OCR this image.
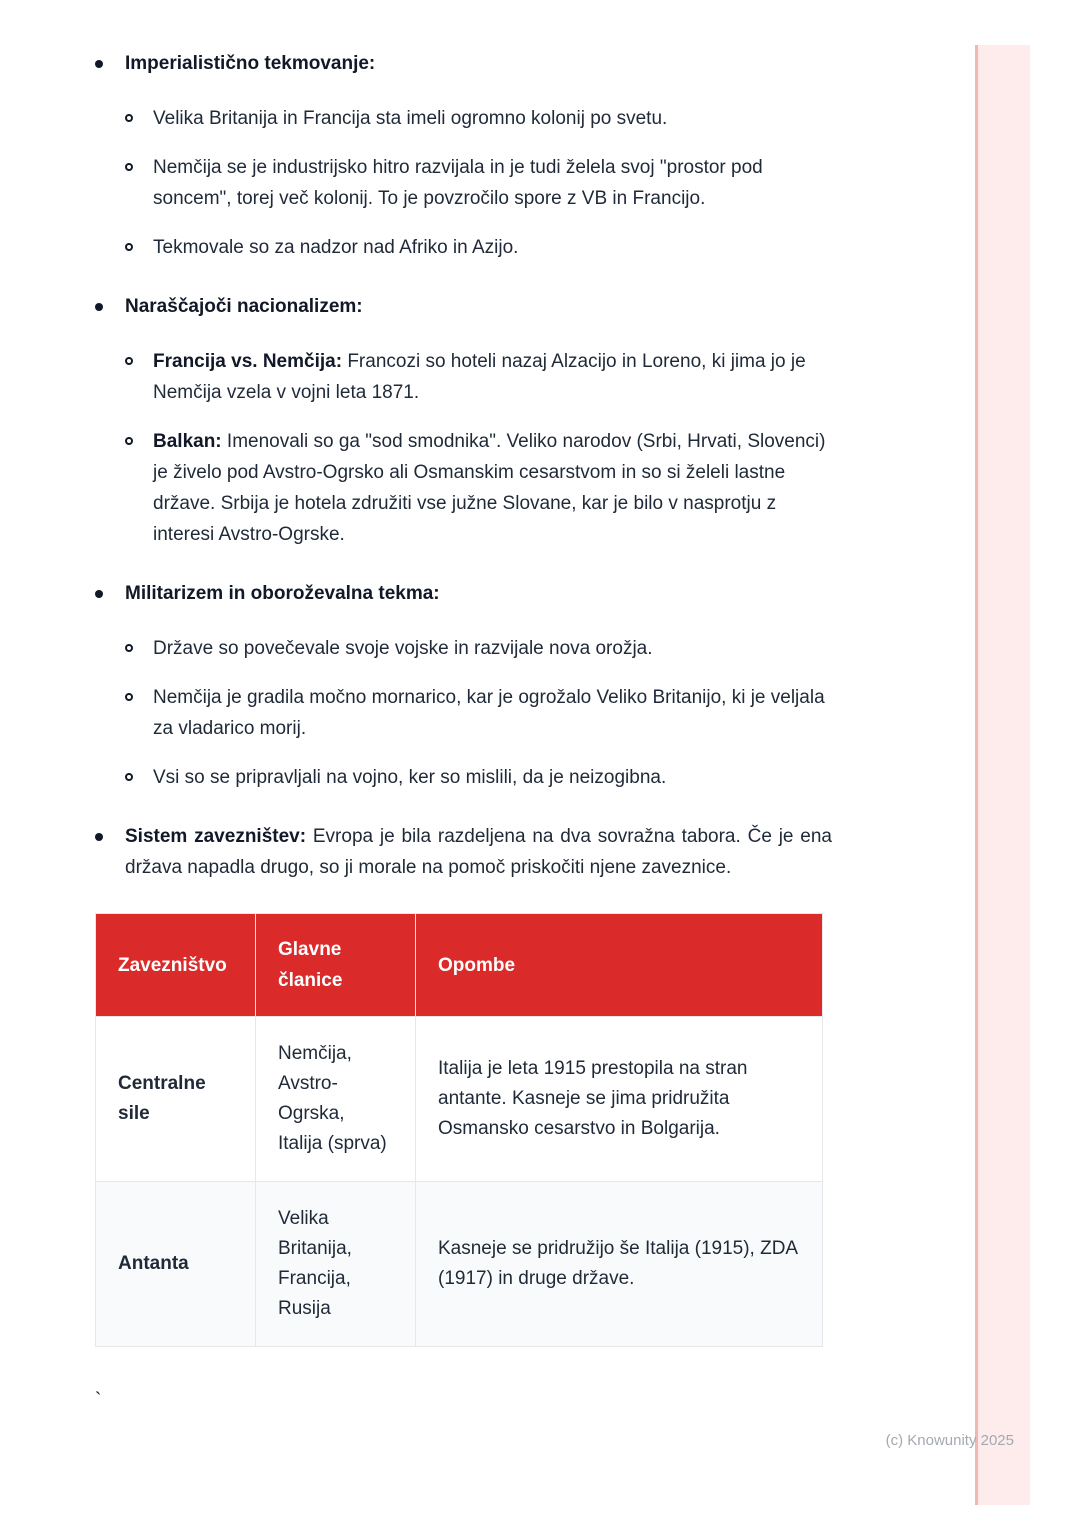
Imperialistično tekmovanje:

Velika Britanija in Francija sta imeli ogromno kolonij po svetu.

Nemčija se je industrijsko hitro razvijala in je tudi želela svoj "prostor pod soncem", torej več kolonij. To je povzročilo spore z VB in Francijo.

Tekmovale so za nadzor nad Afriko in Azijo.

Naraščajoči nacionalizem:

Francija vs. Nemčija: Francozi so hoteli nazaj Alzacijo in Loreno, ki jima jo je Nemčija vzela v vojni leta 1871.

Balkan: Imenovali so ga "sod smodnika". Veliko narodov (Srbi, Hrvati, Slovenci) je živelo pod Avstro-Ogrsko ali Osmanskim cesarstvom in so si želeli lastne države. Srbija je hotela združiti vse južne Slovane, kar je bilo v nasprotju z interesi Avstro-Ogrske.

Militarizem in oboroževalna tekma:

Države so povečevale svoje vojske in razvijale nova orožja.

Nemčija je gradila močno mornarico, kar je ogrožalo Veliko Britanijo, ki je veljala za vladarico morij.

Vsi so se pripravljali na vojno, ker so mislili, da je neizogibna.

Sistem zavezništev: Evropa je bila razdeljena na dva sovražna tabora. Če je ena država napadla drugo, so ji morale na pomoč priskočiti njene zaveznice.

Zavezništvo	Glavne članice	Opombe
Centralne sile	Nemčija, Avstro-Ogrska, Italija (sprva)	Italija je leta 1915 prestopila na stran antante. Kasneje se jima pridružita Osmansko cesarstvo in Bolgarija.
Antanta	Velika Britanija, Francija, Rusija	Kasneje se pridružijo še Italija (1915), ZDA (1917) in druge države.
`
(c) Knowunity 2025
